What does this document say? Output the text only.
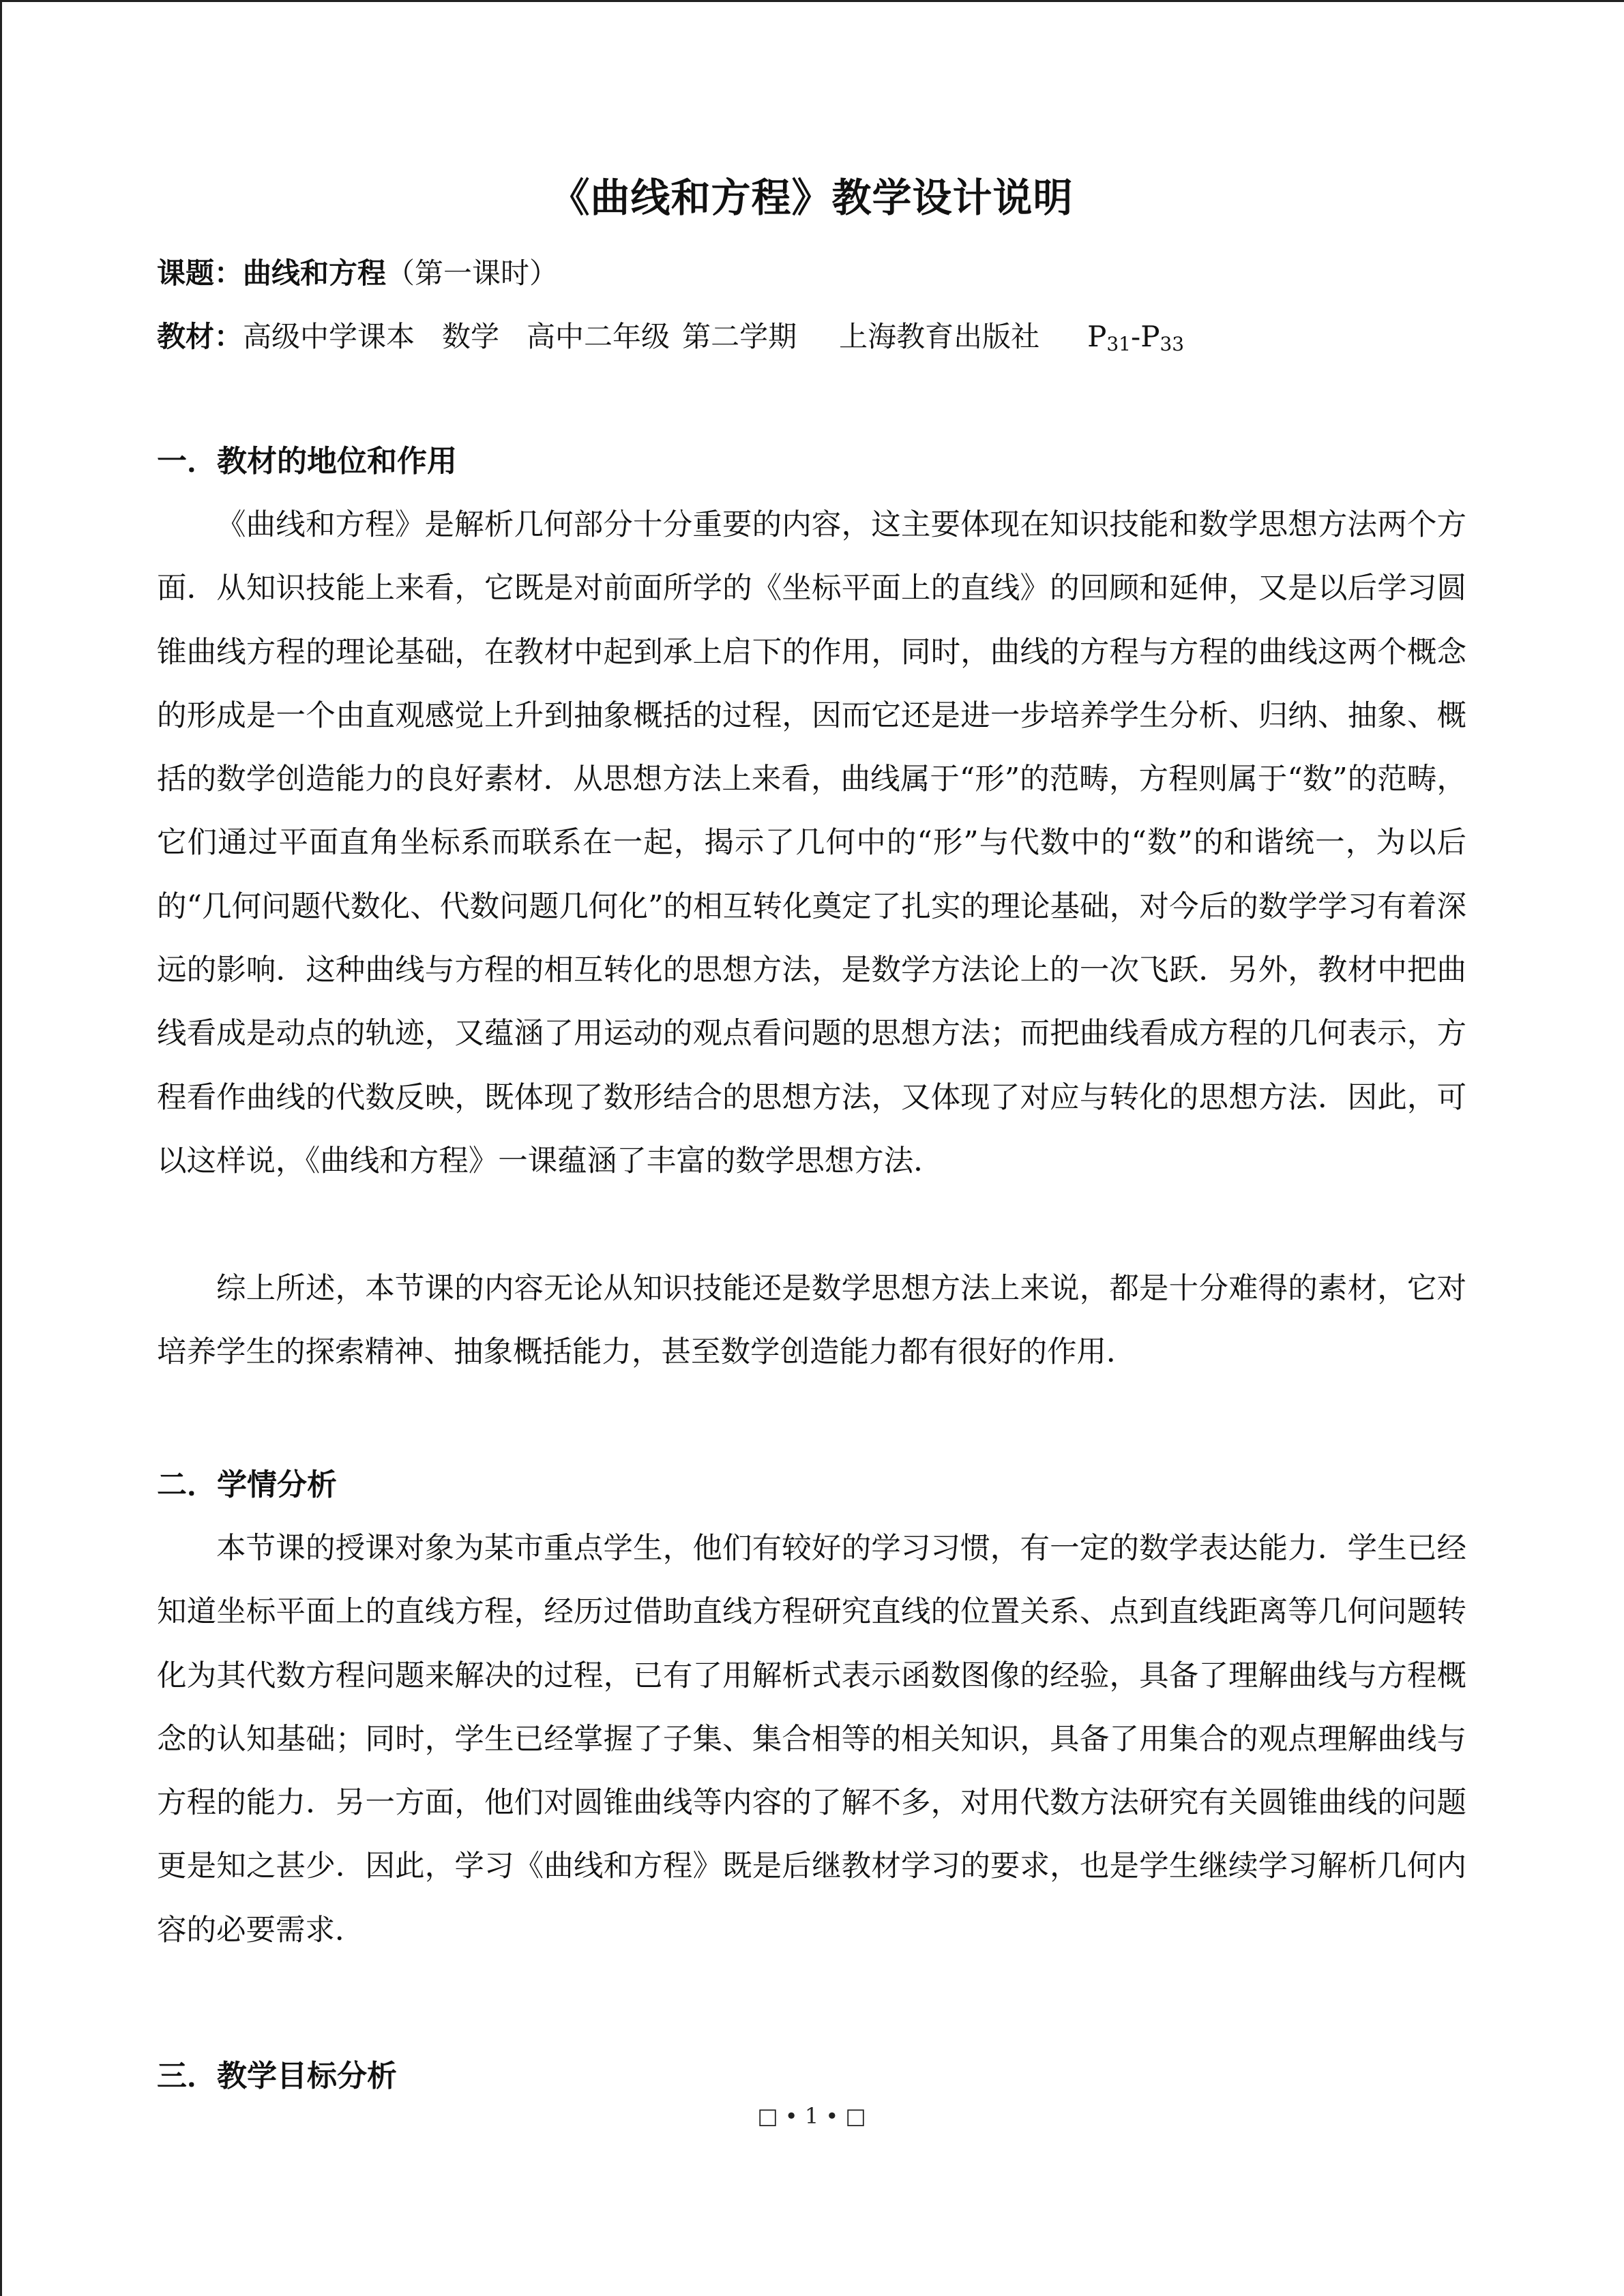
《曲线和方程》教学设计说明
课题：曲线和方程（第一课时）
教材：高级中学课本 数学 高中二年级 第二学期 上海教育出版社 $P_{31}-P_{33}$
一．教材的地位和作用

《曲线和方程》是解析几何部分十分重要的内容，这主要体现在知识技能和数学思想方法两个方面．从知识技能上来看，它既是对前面所学的《坐标平面上的直线》的回顾和延伸，又是以后学习圆锥曲线方程的理论基础，在教材中起到承上启下的作用，同时，曲线的方程与方程的曲线这两个概念的形成是一个由直观感觉上升到抽象概括的过程，因而它还是进一步培养学生分析、归纳、抽象、概括的数学创造能力的良好素材．从思想方法上来看，曲线属于“形”的范畴，方程则属于“数”的范畴，它们通过平面直角坐标系而联系在一起，揭示了几何中的“形”与代数中的“数”的和谐统一，为以后的“几何问题代数化、代数问题几何化”的相互转化奠定了扎实的理论基础，对今后的数学学习有着深远的影响．这种曲线与方程的相互转化的思想方法，是数学方法论上的一次飞跃．另外，教材中把曲线看成是动点的轨迹，又蕴涵了用运动的观点看问题的思想方法；而把曲线看成方程的几何表示，方程看作曲线的代数反映，既体现了数形结合的思想方法，又体现了对应与转化的思想方法．因此，可以这样说，《曲线和方程》一课蕴涵了丰富的数学思想方法．

综上所述，本节课的内容无论从知识技能还是数学思想方法上来说，都是十分难得的素材，它对培养学生的探索精神、抽象概括能力，甚至数学创造能力都有很好的作用．

二．学情分析

本节课的授课对象为某市重点学生，他们有较好的学习习惯，有一定的数学表达能力．学生已经知道坐标平面上的直线方程，经历过借助直线方程研究直线的位置关系、点到直线距离等几何问题转化为其代数方程问题来解决的过程，已有了用解析式表示函数图像的经验，具备了理解曲线与方程概念的认知基础；同时，学生已经掌握了子集、集合相等的相关知识，具备了用集合的观点理解曲线与方程的能力．另一方面，他们对圆锥曲线等内容的了解不多，对用代数方法研究有关圆锥曲线的问题更是知之甚少．因此，学习《曲线和方程》既是后继教材学习的要求，也是学生继续学习解析几何内容的必要需求．

三．教学目标分析
□ • 1 • □
